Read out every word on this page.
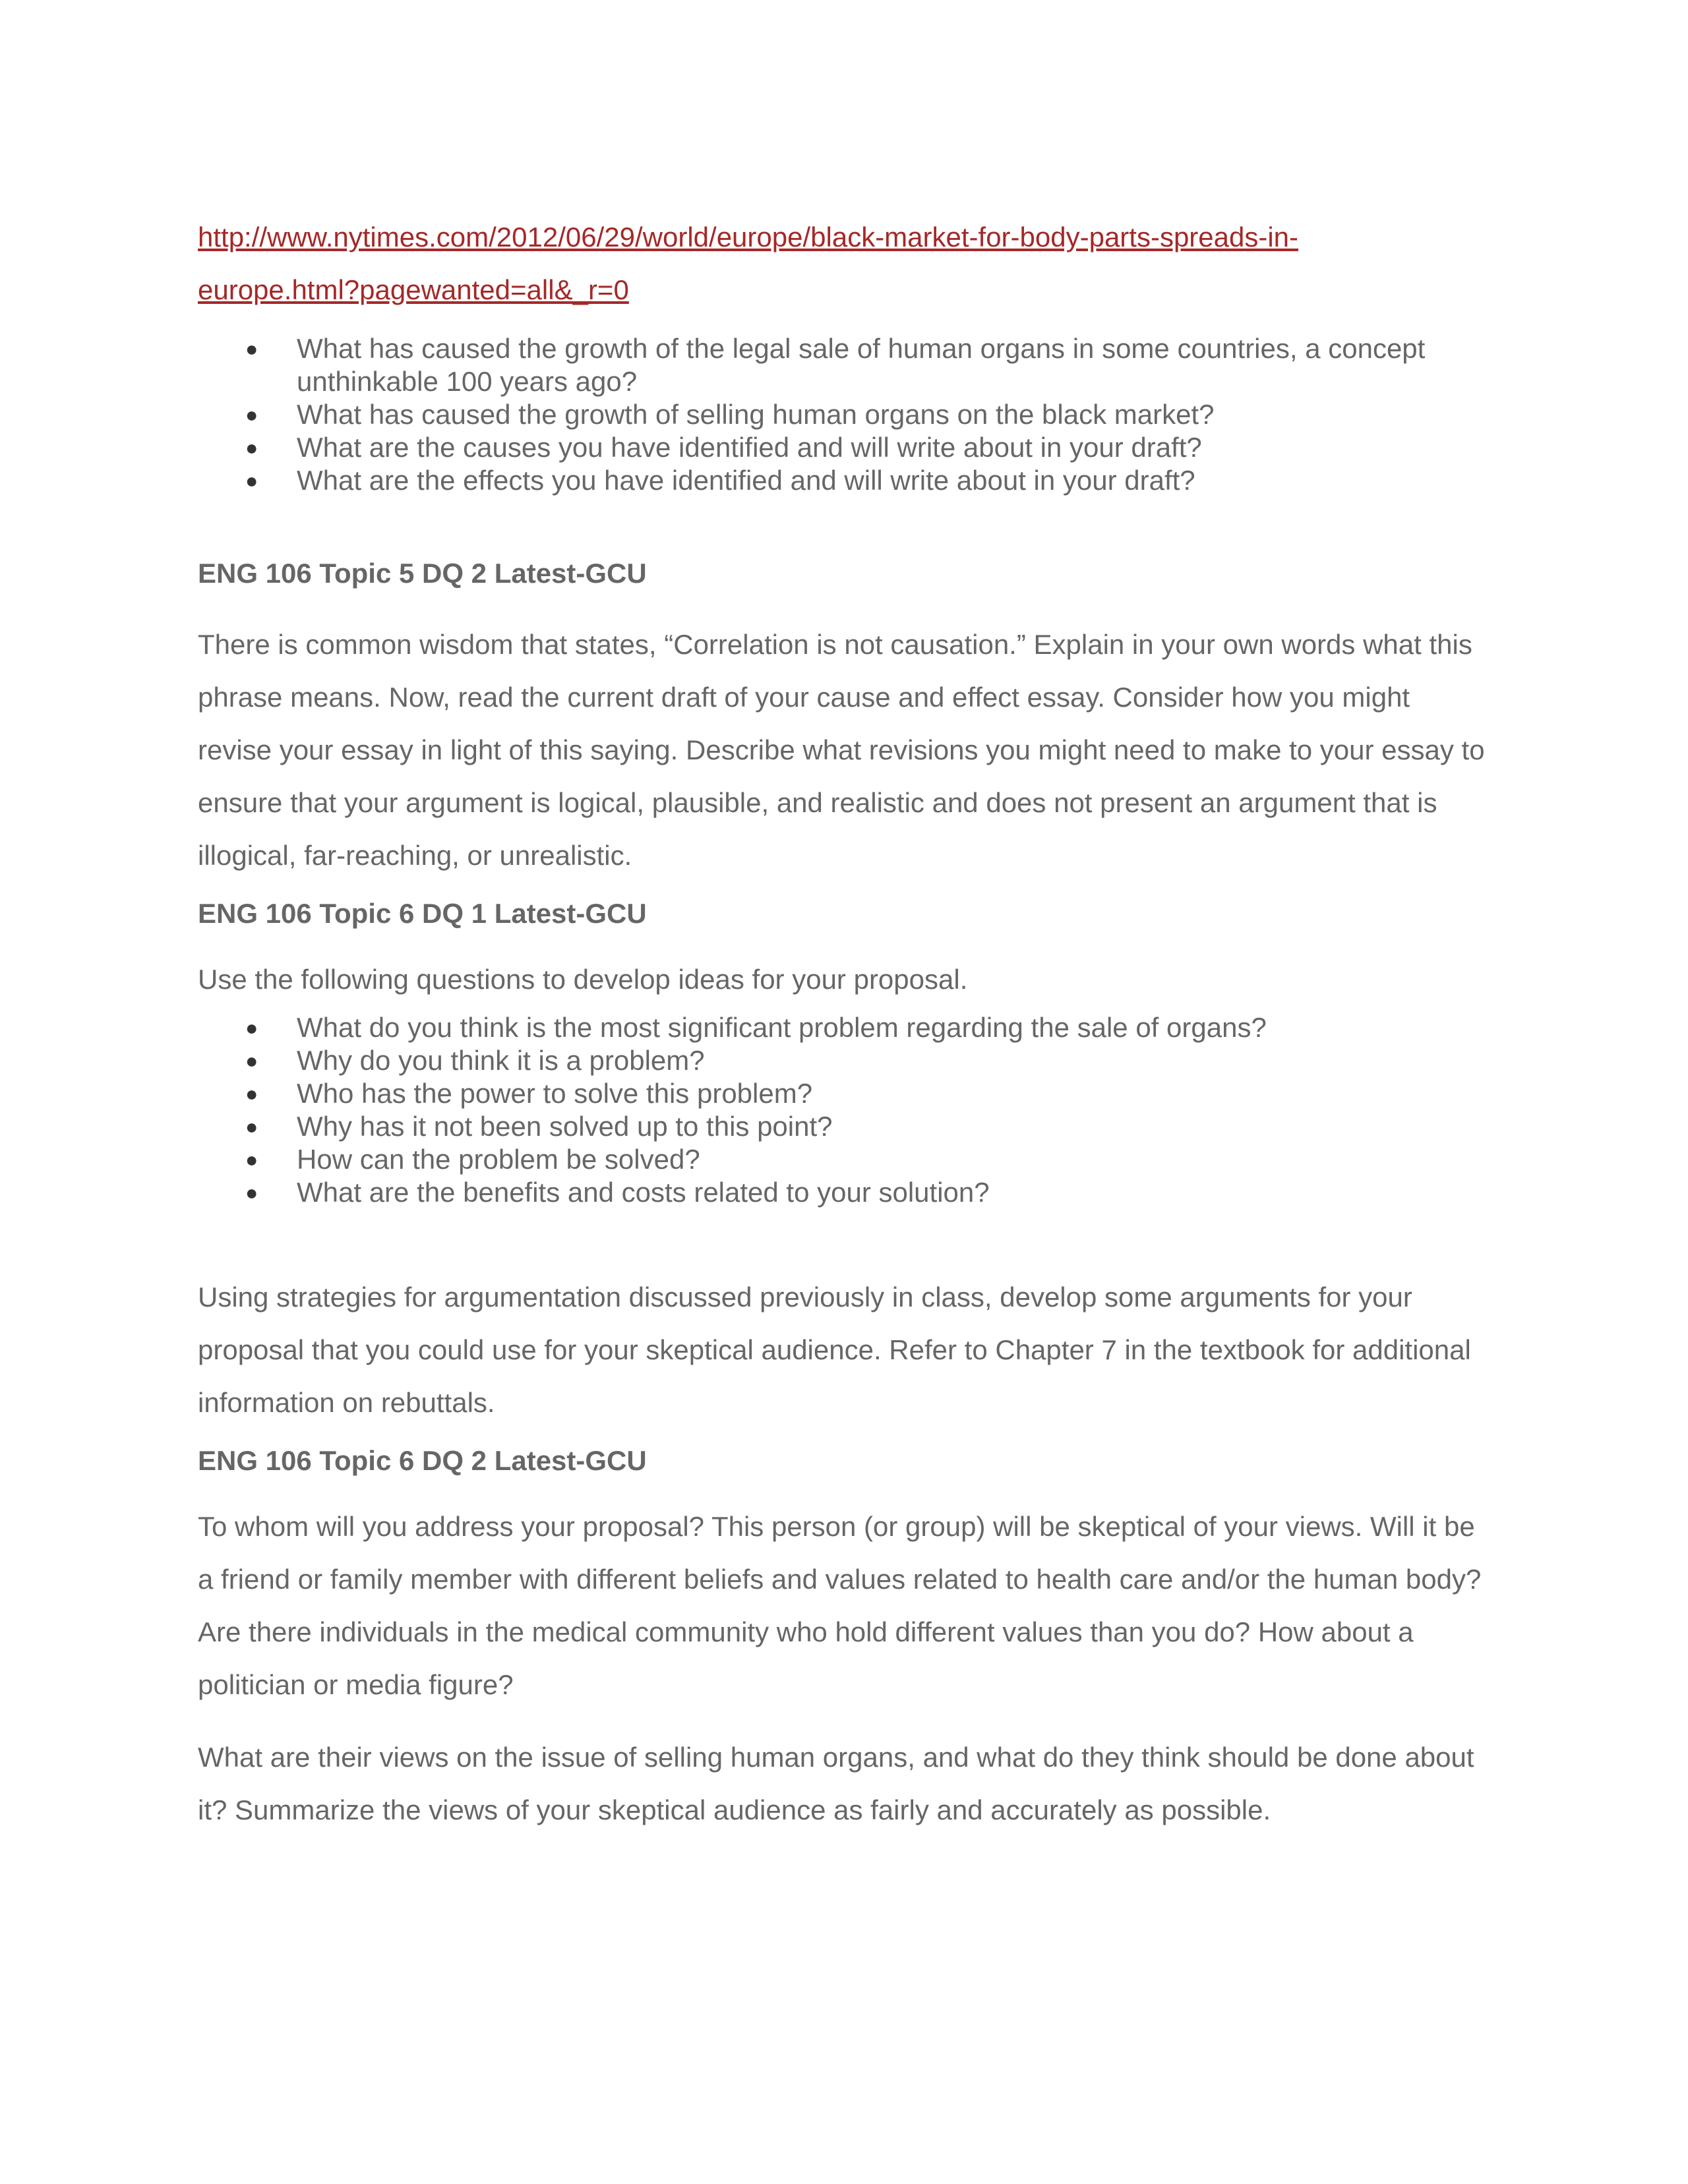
http://www.nytimes.com/2012/06/29/world/europe/black-market-for-body-parts-spreads-in-
europe.html?pagewanted=all&_r=0
● What has caused the growth of the legal sale of human organs in some countries, a concept unthinkable 100 years ago?
● What has caused the growth of selling human organs on the black market?
● What are the causes you have identified and will write about in your draft?
● What are the effects you have identified and will write about in your draft?
ENG 106 Topic 5 DQ 2 Latest-GCU

There is common wisdom that states, “Correlation is not causation.” Explain in your own words what this phrase means. Now, read the current draft of your cause and effect essay. Consider how you might revise your essay in light of this saying. Describe what revisions you might need to make to your essay to ensure that your argument is logical, plausible, and realistic and does not present an argument that is illogical, far-reaching, or unrealistic.

ENG 106 Topic 6 DQ 1 Latest-GCU

Use the following questions to develop ideas for your proposal.

● What do you think is the most significant problem regarding the sale of organs?
● Why do you think it is a problem?
● Who has the power to solve this problem?
● Why has it not been solved up to this point?
● How can the problem be solved?
● What are the benefits and costs related to your solution?

Using strategies for argumentation discussed previously in class, develop some arguments for your proposal that you could use for your skeptical audience. Refer to Chapter 7 in the textbook for additional information on rebuttals.

ENG 106 Topic 6 DQ 2 Latest-GCU

To whom will you address your proposal? This person (or group) will be skeptical of your views. Will it be a friend or family member with different beliefs and values related to health care and/or the human body? Are there individuals in the medical community who hold different values than you do? How about a politician or media figure?

What are their views on the issue of selling human organs, and what do they think should be done about it? Summarize the views of your skeptical audience as fairly and accurately as possible.
